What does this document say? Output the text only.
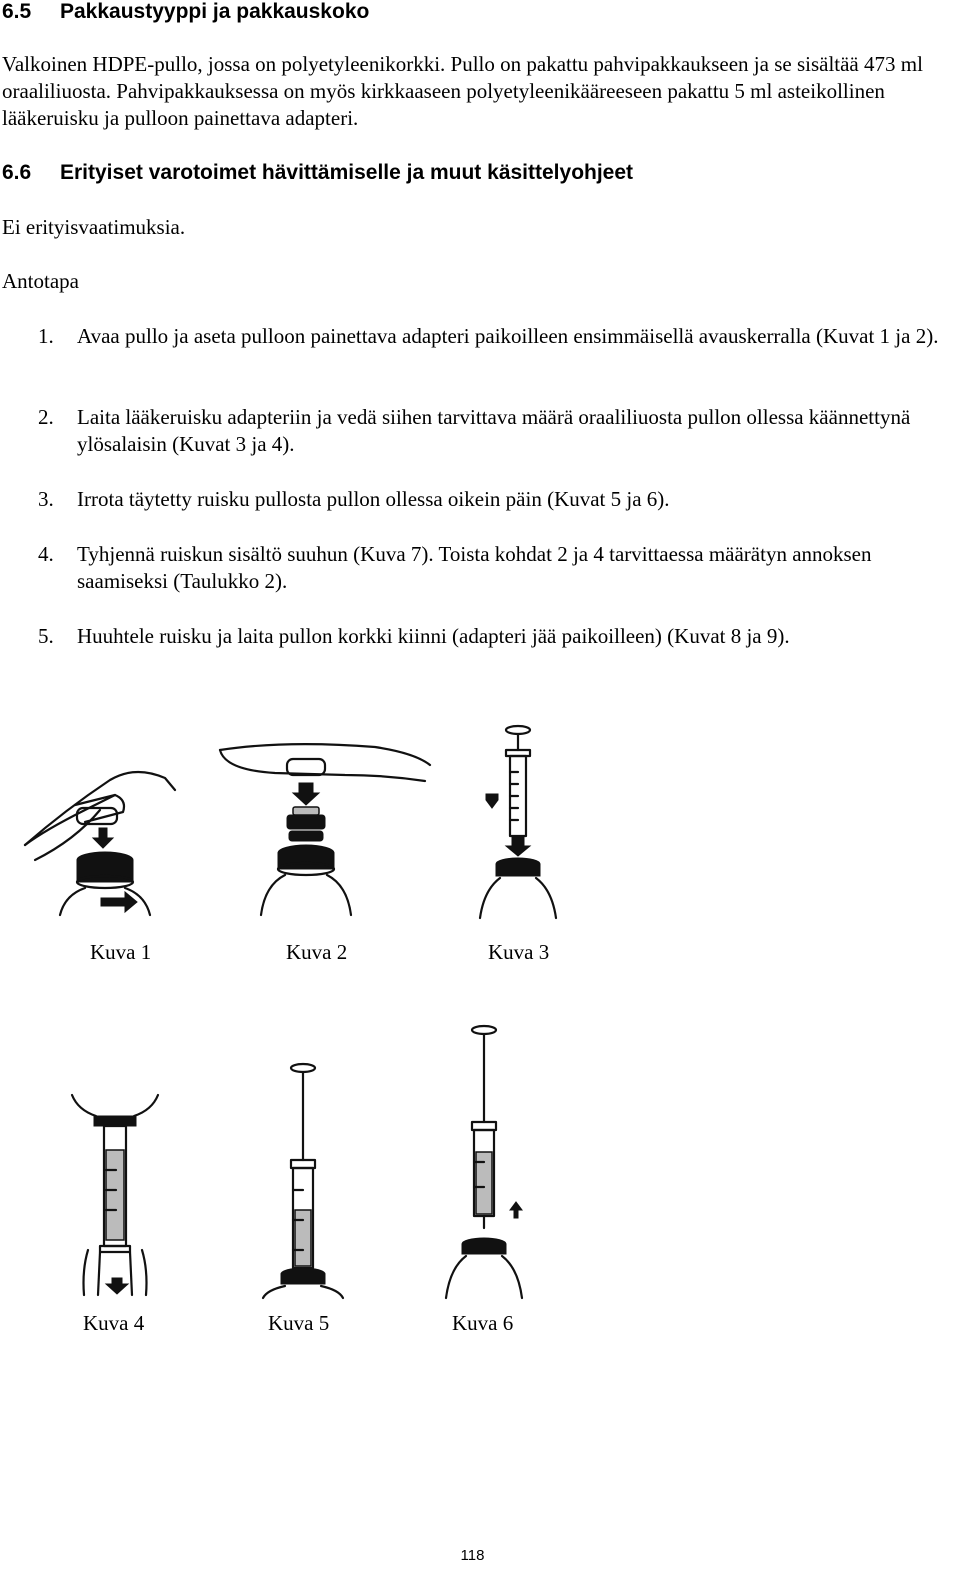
6.5 Pakkaustyyppi ja pakkauskoko

Valkoinen HDPE-pullo, jossa on polyetyleenikorkki. Pullo on pakattu pahvipakkaukseen ja se sisältää 473 ml oraaliliuosta. Pahvipakkauksessa on myös kirkkaaseen polyetyleenikääreeseen pakattu 5 ml asteikollinen lääkeruisku ja pulloon painettava adapteri.

6.6 Erityiset varotoimet hävittämiselle ja muut käsittelyohjeet

Ei erityisvaatimuksia.

Antotapa

1. Avaa pullo ja aseta pulloon painettava adapteri paikoilleen ensimmäisellä avauskerralla (Kuvat 1 ja 2).
2. Laita lääkeruisku adapteriin ja vedä siihen tarvittava määrä oraaliliuosta pullon ollessa käännettynä ylösalaisin (Kuvat 3 ja 4).
3. Irrota täytetty ruisku pullosta pullon ollessa oikein päin (Kuvat 5 ja 6).
4. Tyhjennä ruiskun sisältö suuhun (Kuva 7). Toista kohdat 2 ja 4 tarvittaessa määrätyn annoksen saamiseksi (Taulukko 2).
5. Huuhtele ruisku ja laita pullon korkki kiinni (adapteri jää paikoilleen) (Kuvat 8 ja 9).
Kuva 1	Kuva 2	Kuva 3
Kuva 4	Kuva 5	Kuva 6
118
